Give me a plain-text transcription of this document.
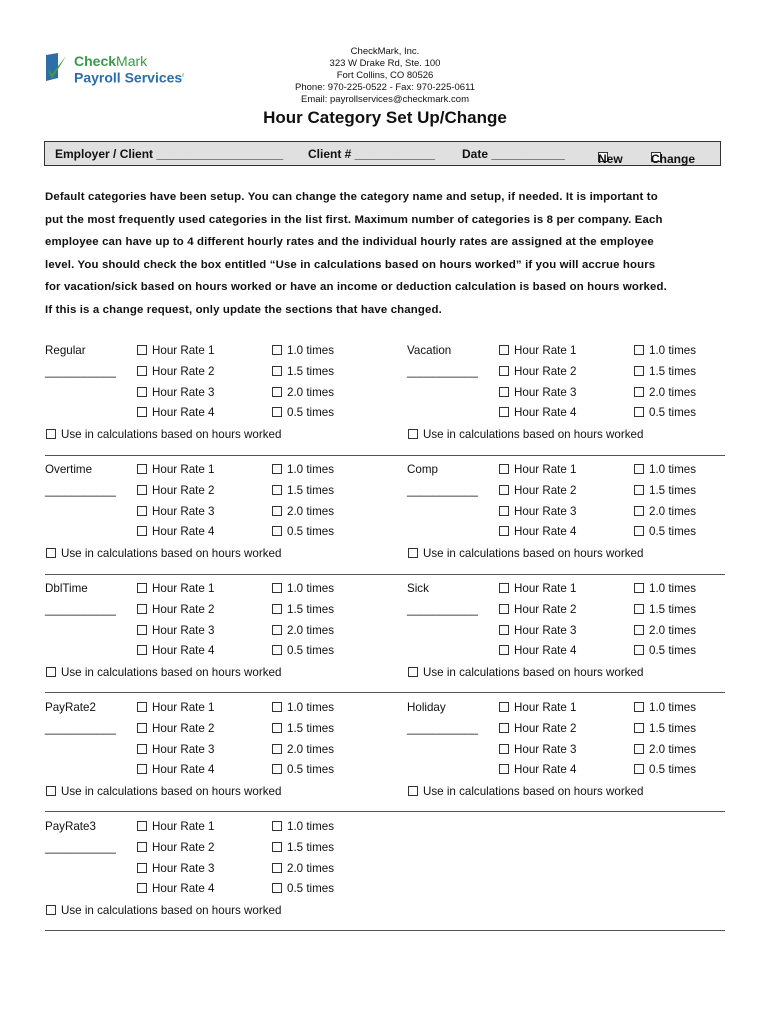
CheckMark
Payroll Services$^r$
CheckMark, Inc.
323 W Drake Rd, Ste. 100
Fort Collins, CO 80526
Phone: 970-225-0522 - Fax: 970-225-0611
Email: payrollservices@checkmark.com
Hour Category Set Up/Change
Employer / Client ___________________ Client # ____________ Date ___________	New Change

Default categories have been setup. You can change the category name and setup, if needed. It is important to

put the most frequently used categories in the list first. Maximum number of categories is 8 per company. Each

employee can have up to 4 different hourly rates and the individual hourly rates are assigned at the employee

level. You should check the box entitled “Use in calculations based on hours worked” if you will accrue hours

for vacation/sick based on hours worked or have an income or deduction calculation is based on hours worked.

If this is a change request, only update the sections that have changed.

Regular
___________
Hour Rate 1	1.0 times
Hour Rate 2	1.5 times
Hour Rate 3	2.0 times
Hour Rate 4	0.5 times
Use in calculations based on hours worked
Vacation
___________
Hour Rate 1	1.0 times
Hour Rate 2	1.5 times
Hour Rate 3	2.0 times
Hour Rate 4	0.5 times
Use in calculations based on hours worked
Overtime
___________
Hour Rate 1	1.0 times
Hour Rate 2	1.5 times
Hour Rate 3	2.0 times
Hour Rate 4	0.5 times
Use in calculations based on hours worked
Comp
___________
Hour Rate 1	1.0 times
Hour Rate 2	1.5 times
Hour Rate 3	2.0 times
Hour Rate 4	0.5 times
Use in calculations based on hours worked
DblTime
___________
Hour Rate 1	1.0 times
Hour Rate 2	1.5 times
Hour Rate 3	2.0 times
Hour Rate 4	0.5 times
Use in calculations based on hours worked
Sick
___________
Hour Rate 1	1.0 times
Hour Rate 2	1.5 times
Hour Rate 3	2.0 times
Hour Rate 4	0.5 times
Use in calculations based on hours worked
PayRate2
___________
Hour Rate 1	1.0 times
Hour Rate 2	1.5 times
Hour Rate 3	2.0 times
Hour Rate 4	0.5 times
Use in calculations based on hours worked
Holiday
___________
Hour Rate 1	1.0 times
Hour Rate 2	1.5 times
Hour Rate 3	2.0 times
Hour Rate 4	0.5 times
Use in calculations based on hours worked
PayRate3
___________
Hour Rate 1	1.0 times
Hour Rate 2	1.5 times
Hour Rate 3	2.0 times
Hour Rate 4	0.5 times
Use in calculations based on hours worked
